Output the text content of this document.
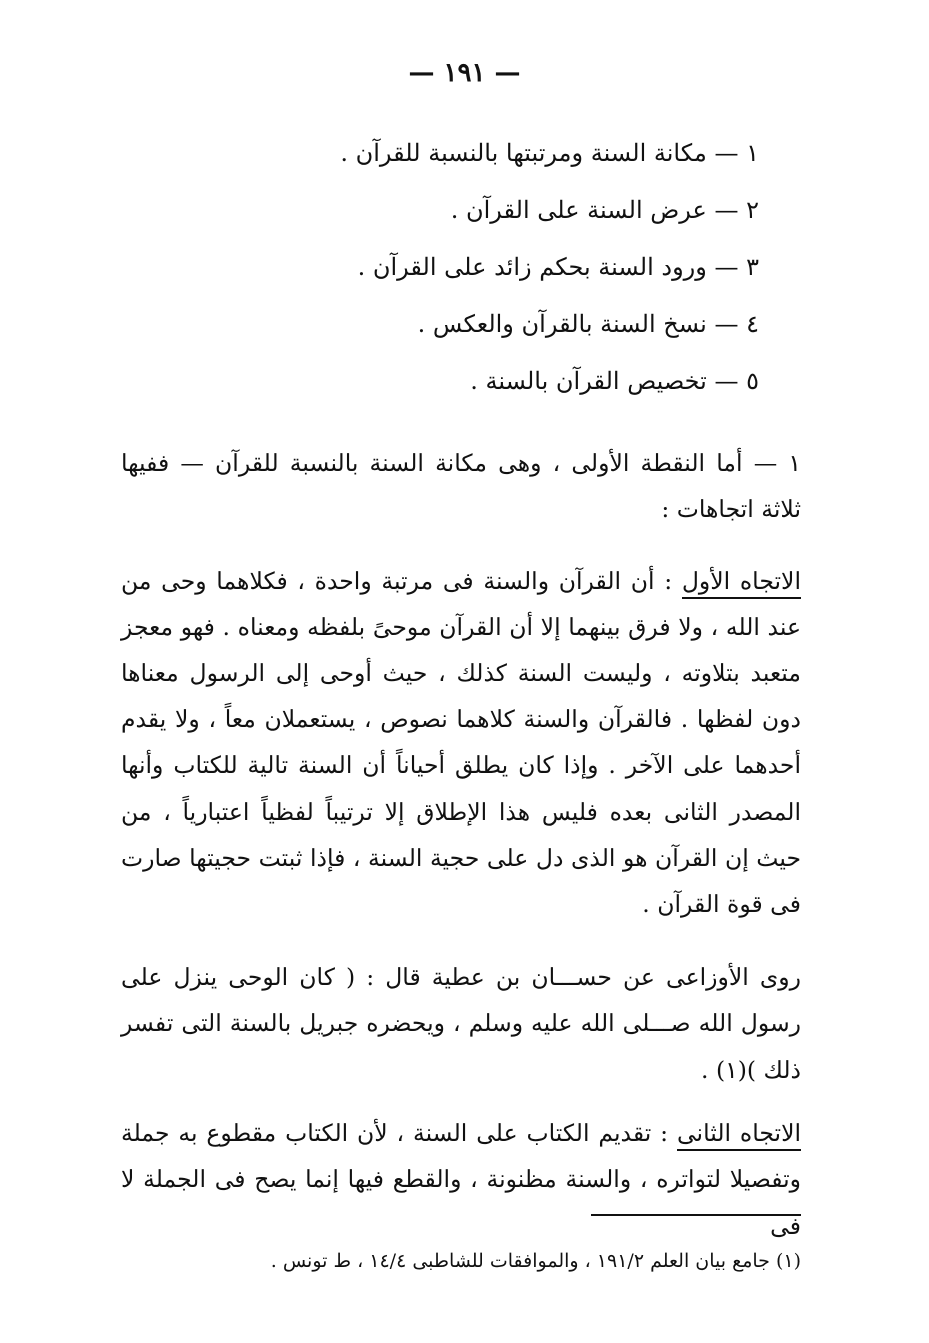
— ١٩١ —
١ — مكانة السنة ومرتبتها بالنسبة للقرآن .
٢ — عرض السنة على القرآن .
٣ — ورود السنة بحكم زائد على القرآن .
٤ — نسخ السنة بالقرآن والعكس .
٥ — تخصيص القرآن بالسنة .

١ — أما النقطة الأولى ، وهى مكانة السنة بالنسبة للقرآن — ففيها ثلاثة اتجاهات :

الاتجاه الأول : أن القرآن والسنة فى مرتبة واحدة ، فكلاهما وحى من عند الله ، ولا فرق بينهما إلا أن القرآن موحىً بلفظه ومعناه . فهو معجز متعبد بتلاوته ، وليست السنة كذلك ، حيث أوحى إلى الرسول معناها دون لفظها . فالقرآن والسنة كلاهما نصوص ، يستعملان معاً ، ولا يقدم أحدهما على الآخر . وإذا كان يطلق أحياناً أن السنة تالية للكتاب وأنها المصدر الثانى بعده فليس هذا الإطلاق إلا ترتيباً لفظياً اعتبارياً ، من حيث إن القرآن هو الذى دل على حجية السنة ، فإذا ثبتت حجيتها صارت فى قوة القرآن .

روى الأوزاعى عن حســـان بن عطية قال : ( كان الوحى ينزل على رسول الله صـــلى الله عليه وسلم ، ويحضره جبريل بالسنة التى تفسر ذلك )(١) .

الاتجاه الثانى : تقديم الكتاب على السنة ، لأن الكتاب مقطوع به جملة وتفصيلا لتواتره ، والسنة مظنونة ، والقطع فيها إنما يصح فى الجملة لا فى

(١) جامع بيان العلم ١٩١/٢ ، والموافقات للشاطبى ١٤/٤ ، ط تونس .
